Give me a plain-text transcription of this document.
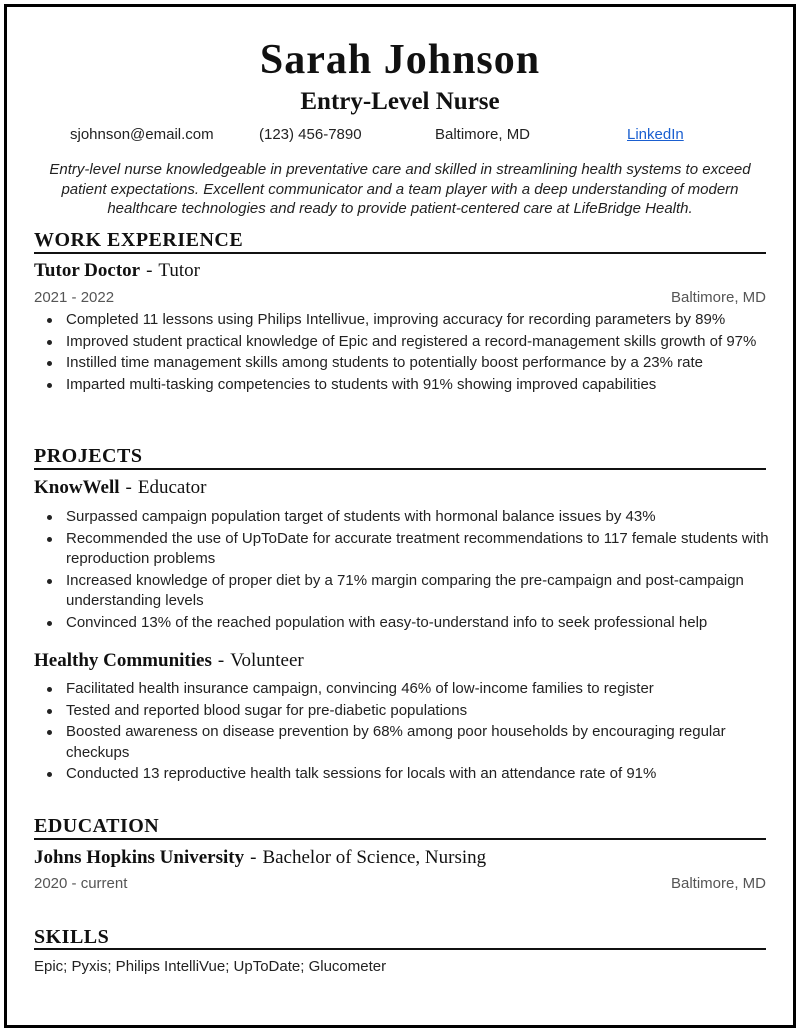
Sarah Johnson
Entry-Level Nurse
sjohnson@email.com	(123) 456-7890	Baltimore, MD	LinkedIn
Entry-level nurse knowledgeable in preventative care and skilled in streamlining health systems to exceed patient expectations. Excellent communicator and a team player with a deep understanding of modern healthcare technologies and ready to provide patient-centered care at LifeBridge Health.
WORK EXPERIENCE
Tutor Doctor - Tutor
2021 - 2022	Baltimore, MD
Completed 11 lessons using Philips Intellivue, improving accuracy for recording parameters by 89%
Improved student practical knowledge of Epic and registered a record-management skills growth of 97%
Instilled time management skills among students to potentially boost performance by a 23% rate
Imparted multi-tasking competencies to students with 91% showing improved capabilities
PROJECTS
KnowWell - Educator
Surpassed campaign population target of students with hormonal balance issues by 43%
Recommended the use of UpToDate for accurate treatment recommendations to 117 female students with reproduction problems
Increased knowledge of proper diet by a 71% margin comparing the pre-campaign and post-campaign understanding levels
Convinced 13% of the reached population with easy-to-understand info to seek professional help
Healthy Communities - Volunteer
Facilitated health insurance campaign, convincing 46% of low-income families to register
Tested and reported blood sugar for pre-diabetic populations
Boosted awareness on disease prevention by 68% among poor households by encouraging regular checkups
Conducted 13 reproductive health talk sessions for locals with an attendance rate of 91%
EDUCATION
Johns Hopkins University - Bachelor of Science, Nursing
2020 - current	Baltimore, MD
SKILLS
Epic; Pyxis; Philips IntelliVue; UpToDate; Glucometer
